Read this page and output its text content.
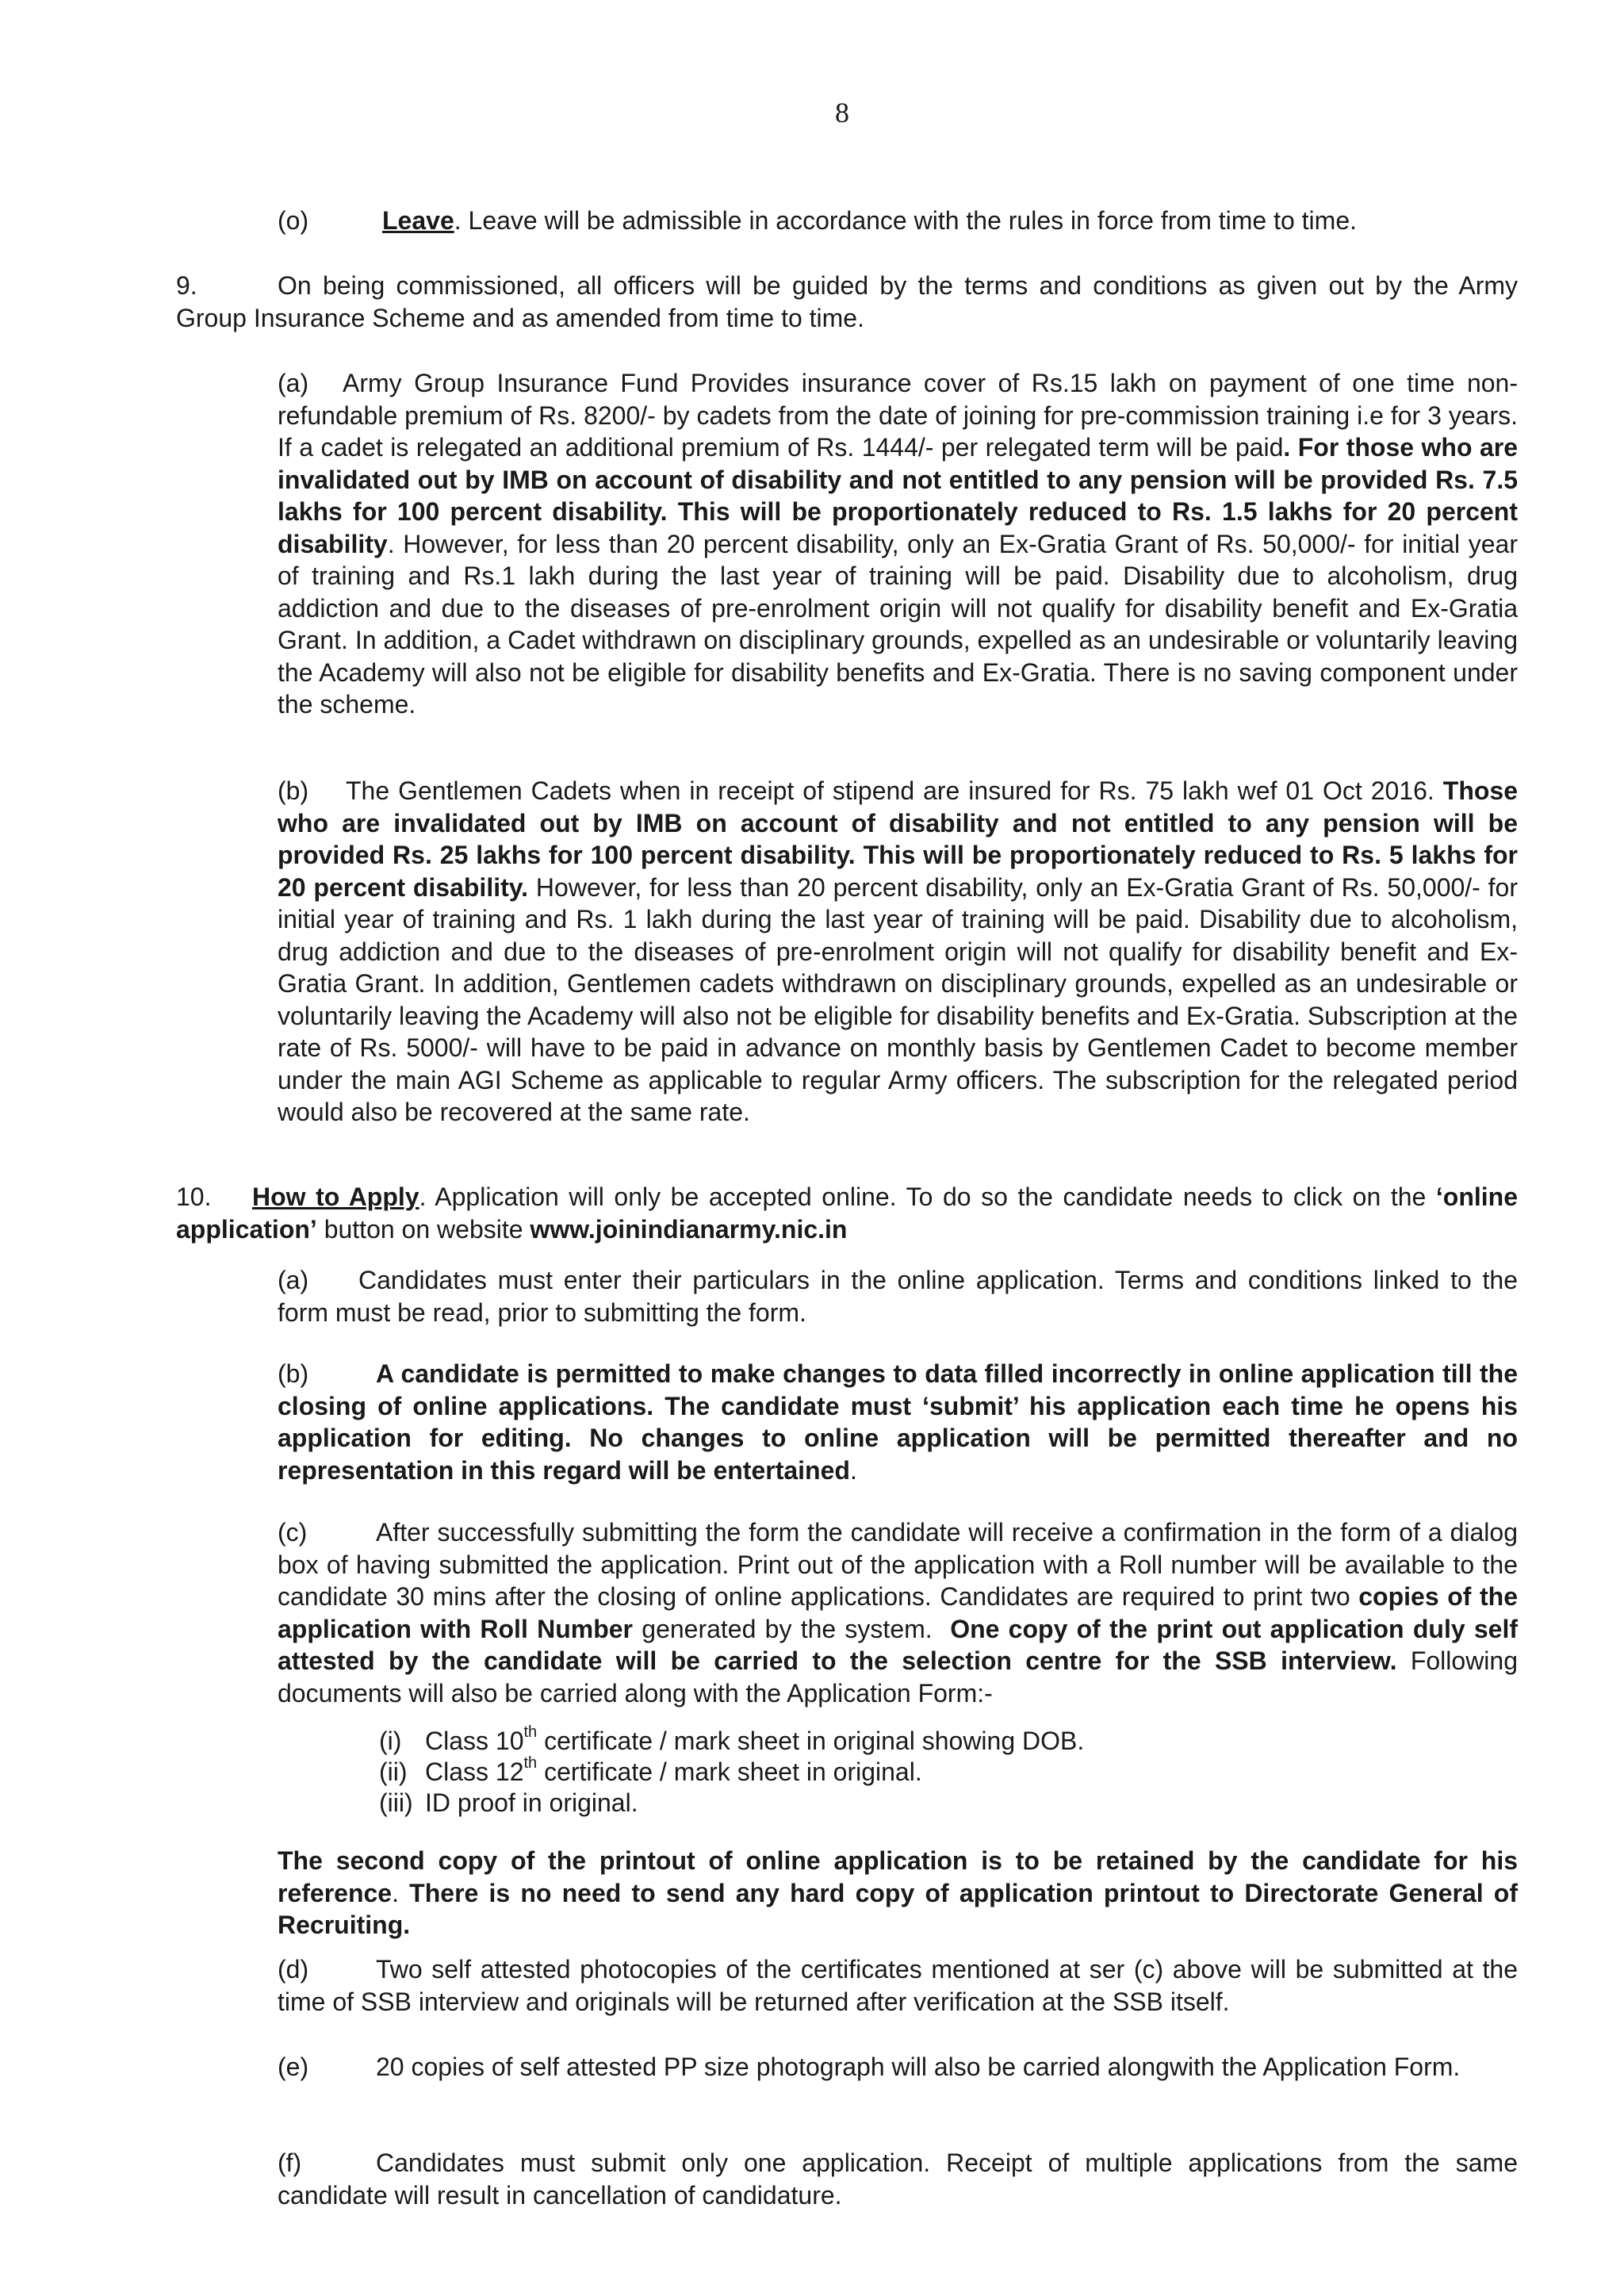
8
(o)	Leave. Leave will be admissible in accordance with the rules in force from time to time.
9.	On being commissioned, all officers will be guided by the terms and conditions as given out by the Army Group Insurance Scheme and as amended from time to time.
(a) Army Group Insurance Fund Provides insurance cover of Rs.15 lakh on payment of one time non-refundable premium of Rs. 8200/- by cadets from the date of joining for pre-commission training i.e for 3 years. If a cadet is relegated an additional premium of Rs. 1444/- per relegated term will be paid. For those who are invalidated out by IMB on account of disability and not entitled to any pension will be provided Rs. 7.5 lakhs for 100 percent disability. This will be proportionately reduced to Rs. 1.5 lakhs for 20 percent disability. However, for less than 20 percent disability, only an Ex-Gratia Grant of Rs. 50,000/- for initial year of training and Rs.1 lakh during the last year of training will be paid. Disability due to alcoholism, drug addiction and due to the diseases of pre-enrolment origin will not qualify for disability benefit and Ex-Gratia Grant. In addition, a Cadet withdrawn on disciplinary grounds, expelled as an undesirable or voluntarily leaving the Academy will also not be eligible for disability benefits and Ex-Gratia. There is no saving component under the scheme.
(b) The Gentlemen Cadets when in receipt of stipend are insured for Rs. 75 lakh wef 01 Oct 2016. Those who are invalidated out by IMB on account of disability and not entitled to any pension will be provided Rs. 25 lakhs for 100 percent disability. This will be proportionately reduced to Rs. 5 lakhs for 20 percent disability. However, for less than 20 percent disability, only an Ex-Gratia Grant of Rs. 50,000/- for initial year of training and Rs. 1 lakh during the last year of training will be paid. Disability due to alcoholism, drug addiction and due to the diseases of pre-enrolment origin will not qualify for disability benefit and Ex-Gratia Grant. In addition, Gentlemen cadets withdrawn on disciplinary grounds, expelled as an undesirable or voluntarily leaving the Academy will also not be eligible for disability benefits and Ex-Gratia. Subscription at the rate of Rs. 5000/- will have to be paid in advance on monthly basis by Gentlemen Cadet to become member under the main AGI Scheme as applicable to regular Army officers. The subscription for the relegated period would also be recovered at the same rate.
10. How to Apply. Application will only be accepted online. To do so the candidate needs to click on the ‘online application’ button on website www.joinindianarmy.nic.in
(a) Candidates must enter their particulars in the online application. Terms and conditions linked to the form must be read, prior to submitting the form.
(b)	A candidate is permitted to make changes to data filled incorrectly in online application till the closing of online applications. The candidate must ‘submit’ his application each time he opens his application for editing. No changes to online application will be permitted thereafter and no representation in this regard will be entertained.
(c)	After successfully submitting the form the candidate will receive a confirmation in the form of a dialog box of having submitted the application. Print out of the application with a Roll number will be available to the candidate 30 mins after the closing of online applications. Candidates are required to print two copies of the application with Roll Number generated by the system. One copy of the print out application duly self attested by the candidate will be carried to the selection centre for the SSB interview. Following documents will also be carried along with the Application Form:-
(i) Class 10th certificate / mark sheet in original showing DOB.
(ii) Class 12th certificate / mark sheet in original.
(iii) ID proof in original.
The second copy of the printout of online application is to be retained by the candidate for his reference. There is no need to send any hard copy of application printout to Directorate General of Recruiting.
(d)	Two self attested photocopies of the certificates mentioned at ser (c) above will be submitted at the time of SSB interview and originals will be returned after verification at the SSB itself.
(e)	20 copies of self attested PP size photograph will also be carried alongwith the Application Form.
(f)	Candidates must submit only one application. Receipt of multiple applications from the same candidate will result in cancellation of candidature.
